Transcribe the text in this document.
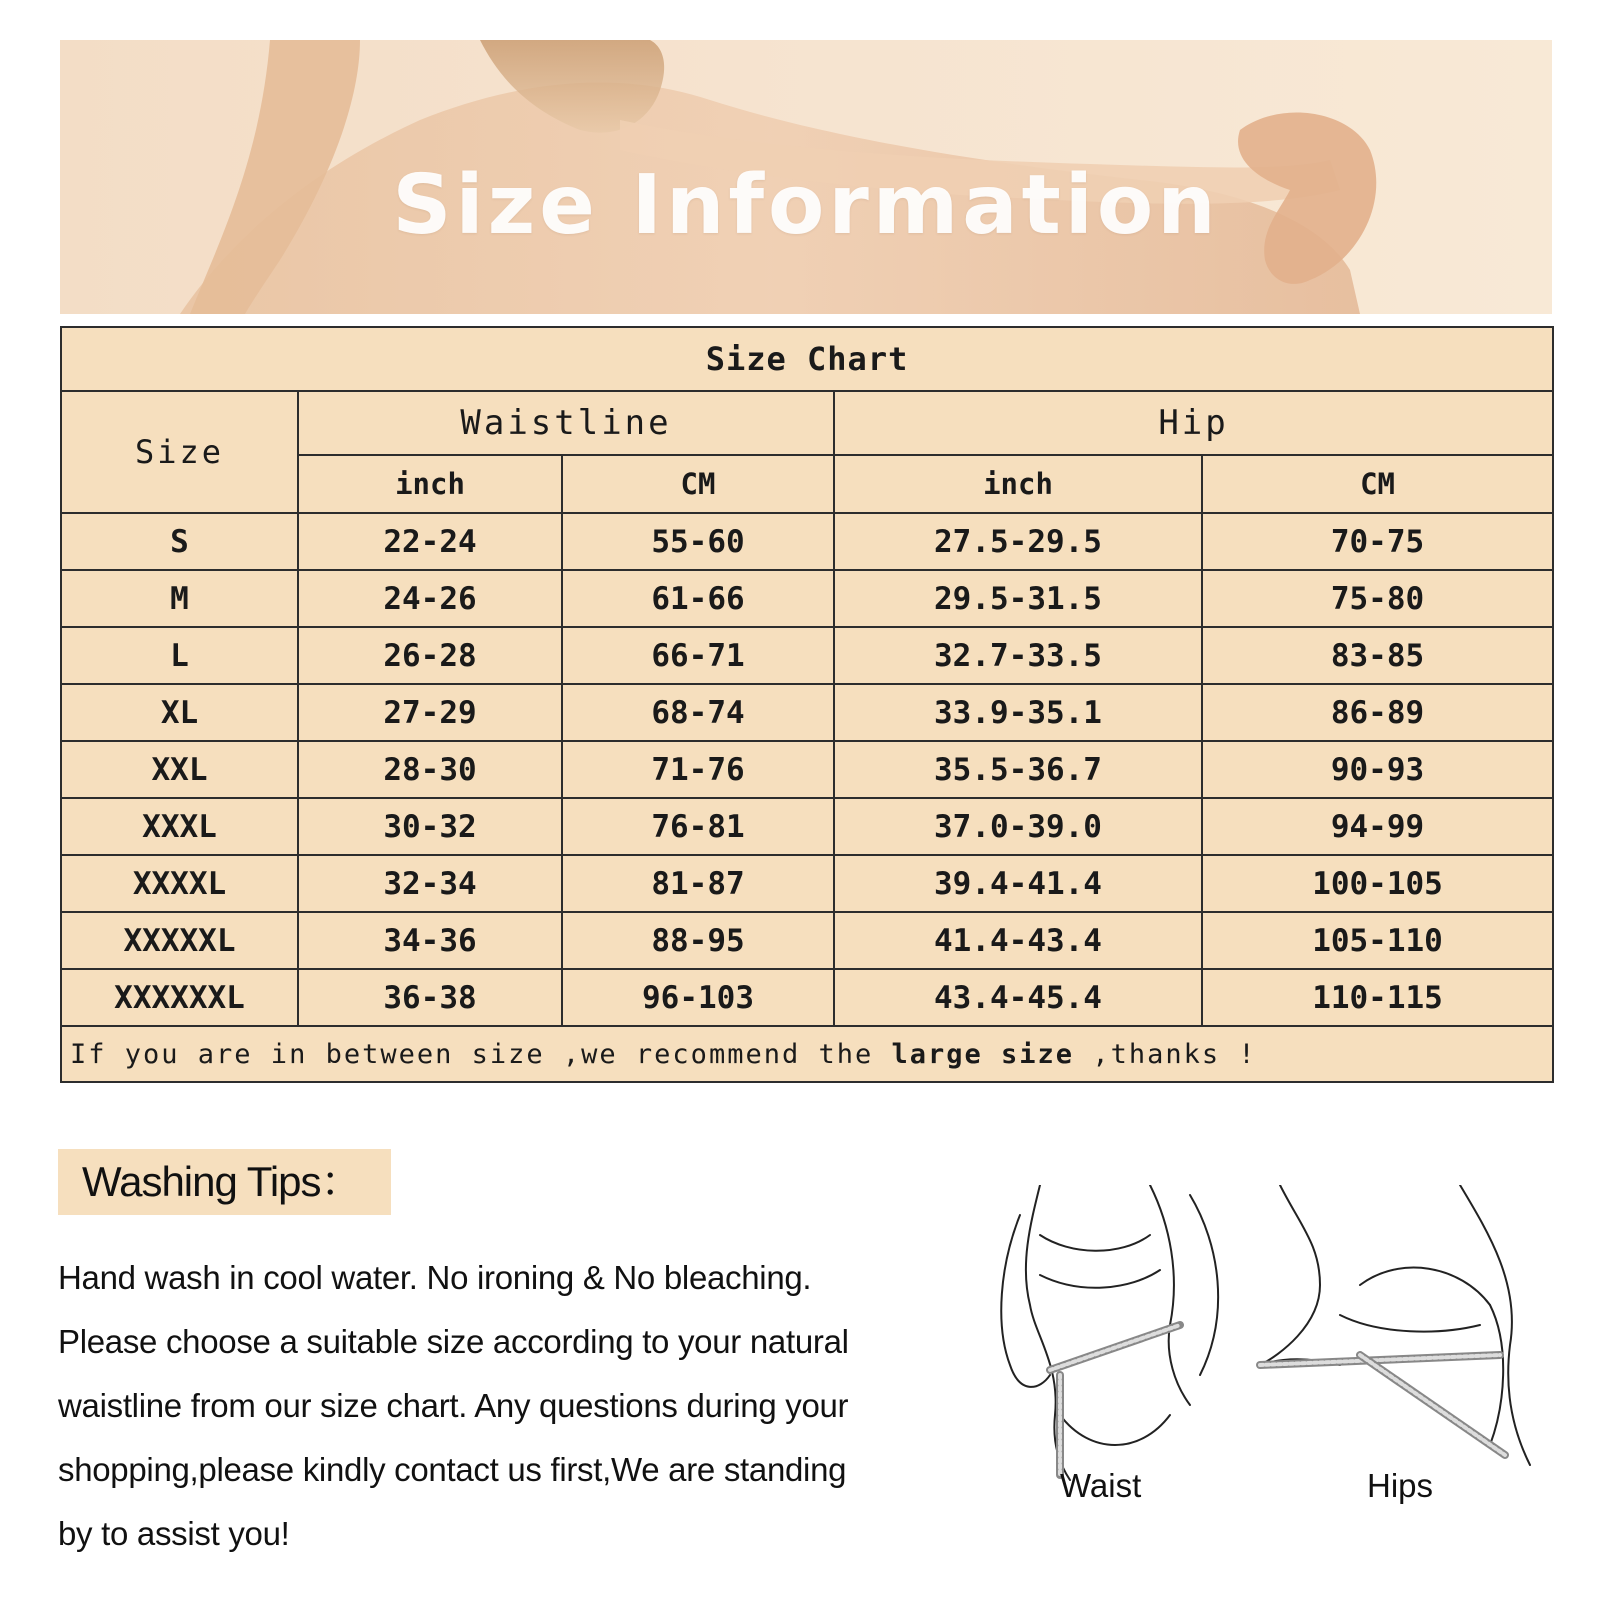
Size Information
Size Chart				
Size	Waistline		Hip	
	inch	CM	inch	CM
S	22-24	55-60	27.5-29.5	70-75
M	24-26	61-66	29.5-31.5	75-80
L	26-28	66-71	32.7-33.5	83-85
XL	27-29	68-74	33.9-35.1	86-89
XXL	28-30	71-76	35.5-36.7	90-93
XXXL	30-32	76-81	37.0-39.0	94-99
XXXXL	32-34	81-87	39.4-41.4	100-105
XXXXXL	34-36	88-95	41.4-43.4	105-110
XXXXXXL	36-38	96-103	43.4-45.4	110-115
If you are in between size ,we recommend the large size ,thanks !				
Washing Tips：

Hand wash in cool water. No ironing & No bleaching.

Please choose a suitable size according to your natural

waistline from our size chart. Any questions during your

shopping,please kindly contact us first,We are standing

by to assist you!

Waist	Hips
